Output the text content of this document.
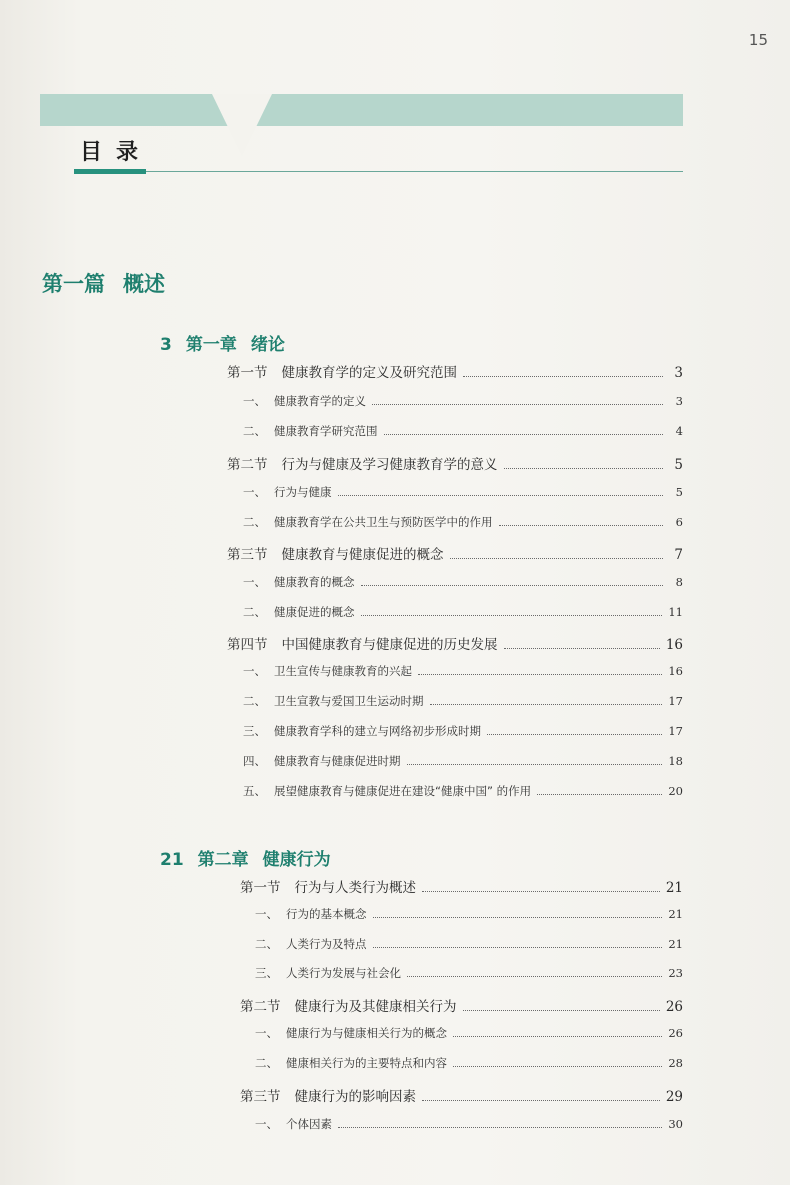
15
目录
第一篇 概述
3 第一章 绪论
第一节 健康教育学的定义及研究范围	3
一、 健康教育学的定义	3
二、 健康教育学研究范围	4
第二节 行为与健康及学习健康教育学的意义	5
一、 行为与健康	5
二、 健康教育学在公共卫生与预防医学中的作用	6
第三节 健康教育与健康促进的概念	7
一、 健康教育的概念	8
二、 健康促进的概念	11
第四节 中国健康教育与健康促进的历史发展	16
一、 卫生宣传与健康教育的兴起	16
二、 卫生宣教与爱国卫生运动时期	17
三、 健康教育学科的建立与网络初步形成时期	17
四、 健康教育与健康促进时期	18
五、 展望健康教育与健康促进在建设“健康中国” 的作用	20
21 第二章 健康行为
第一节 行为与人类行为概述	21
一、 行为的基本概念	21
二、 人类行为及特点	21
三、 人类行为发展与社会化	23
第二节 健康行为及其健康相关行为	26
一、 健康行为与健康相关行为的概念	26
二、 健康相关行为的主要特点和内容	28
第三节 健康行为的影响因素	29
一、 个体因素	30
